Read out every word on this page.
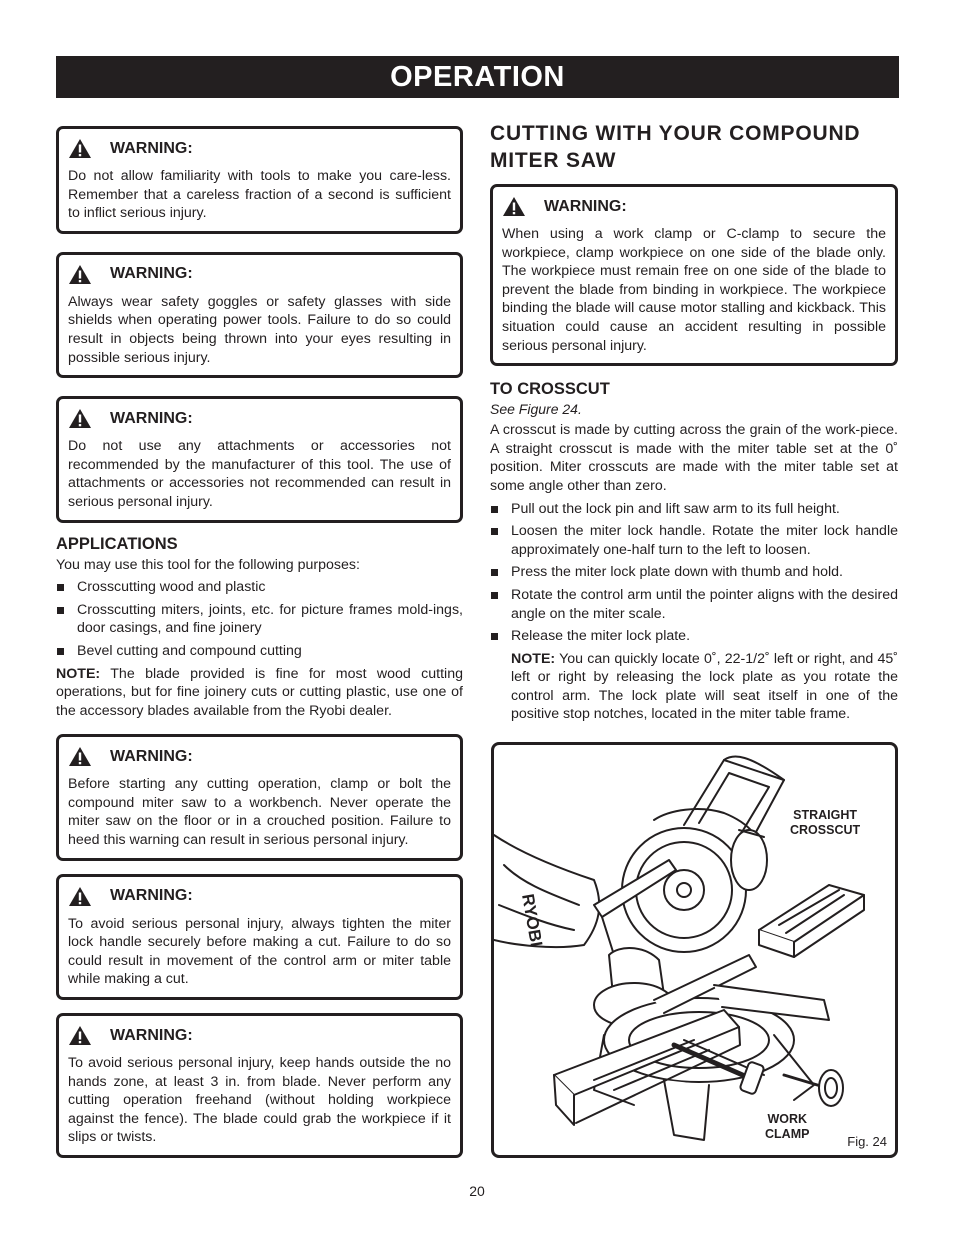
OPERATION
WARNING:

Do not allow familiarity with tools to make you care-less. Remember that a careless fraction of a second is sufficient to inflict serious injury.

WARNING:

Always wear safety goggles or safety glasses with side shields when operating power tools. Failure to do so could result in objects being thrown into your eyes resulting in possible serious injury.

WARNING:

Do not use any attachments or accessories not recommended by the manufacturer of this tool. The use of attachments or accessories not recommended can result in serious personal injury.

APPLICATIONS

You may use this tool for the following purposes:

Crosscutting wood and plastic
Crosscutting miters, joints, etc. for picture frames mold-ings, door casings, and fine joinery
Bevel cutting and compound cutting

NOTE: The blade provided is fine for most wood cutting operations, but for fine joinery cuts or cutting plastic, use one of the accessory blades available from the Ryobi dealer.

WARNING:

Before starting any cutting operation, clamp or bolt the compound miter saw to a workbench. Never operate the miter saw on the floor or in a crouched position. Failure to heed this warning can result in serious personal injury.

WARNING:

To avoid serious personal injury, always tighten the miter lock handle securely before making a cut. Failure to do so could result in movement of the control arm or miter table while making a cut.

WARNING:

To avoid serious personal injury, keep hands outside the no hands zone, at least 3 in. from blade. Never perform any cutting operation freehand (without holding workpiece against the fence). The blade could grab the workpiece if it slips or twists.

CUTTING WITH YOUR COMPOUND MITER SAW
WARNING:

When using a work clamp or C-clamp to secure the workpiece, clamp workpiece on one side of the blade only. The workpiece must remain free on one side of the blade to prevent the blade from binding in workpiece. The workpiece binding the blade will cause motor stalling and kickback. This situation could cause an accident resulting in possible serious personal injury.

TO CROSSCUT

See Figure 24.

A crosscut is made by cutting across the grain of the work-piece. A straight crosscut is made with the miter table set at the 0˚ position. Miter crosscuts are made with the miter table set at some angle other than zero.

Pull out the lock pin and lift saw arm to its full height.
Loosen the miter lock handle. Rotate the miter lock handle approximately one-half turn to the left to loosen.
Press the miter lock plate down with thumb and hold.
Rotate the control arm until the pointer aligns with the desired angle on the miter scale.
Release the miter lock plate.

NOTE: You can quickly locate 0˚, 22-1/2˚ left or right, and 45˚ left or right by releasing the lock plate as you rotate the control arm. The lock plate will seat itself in one of the positive stop notches, located in the miter table frame.

RYOBI
STRAIGHT
CROSSCUT
WORK
CLAMP	Fig. 24
20
